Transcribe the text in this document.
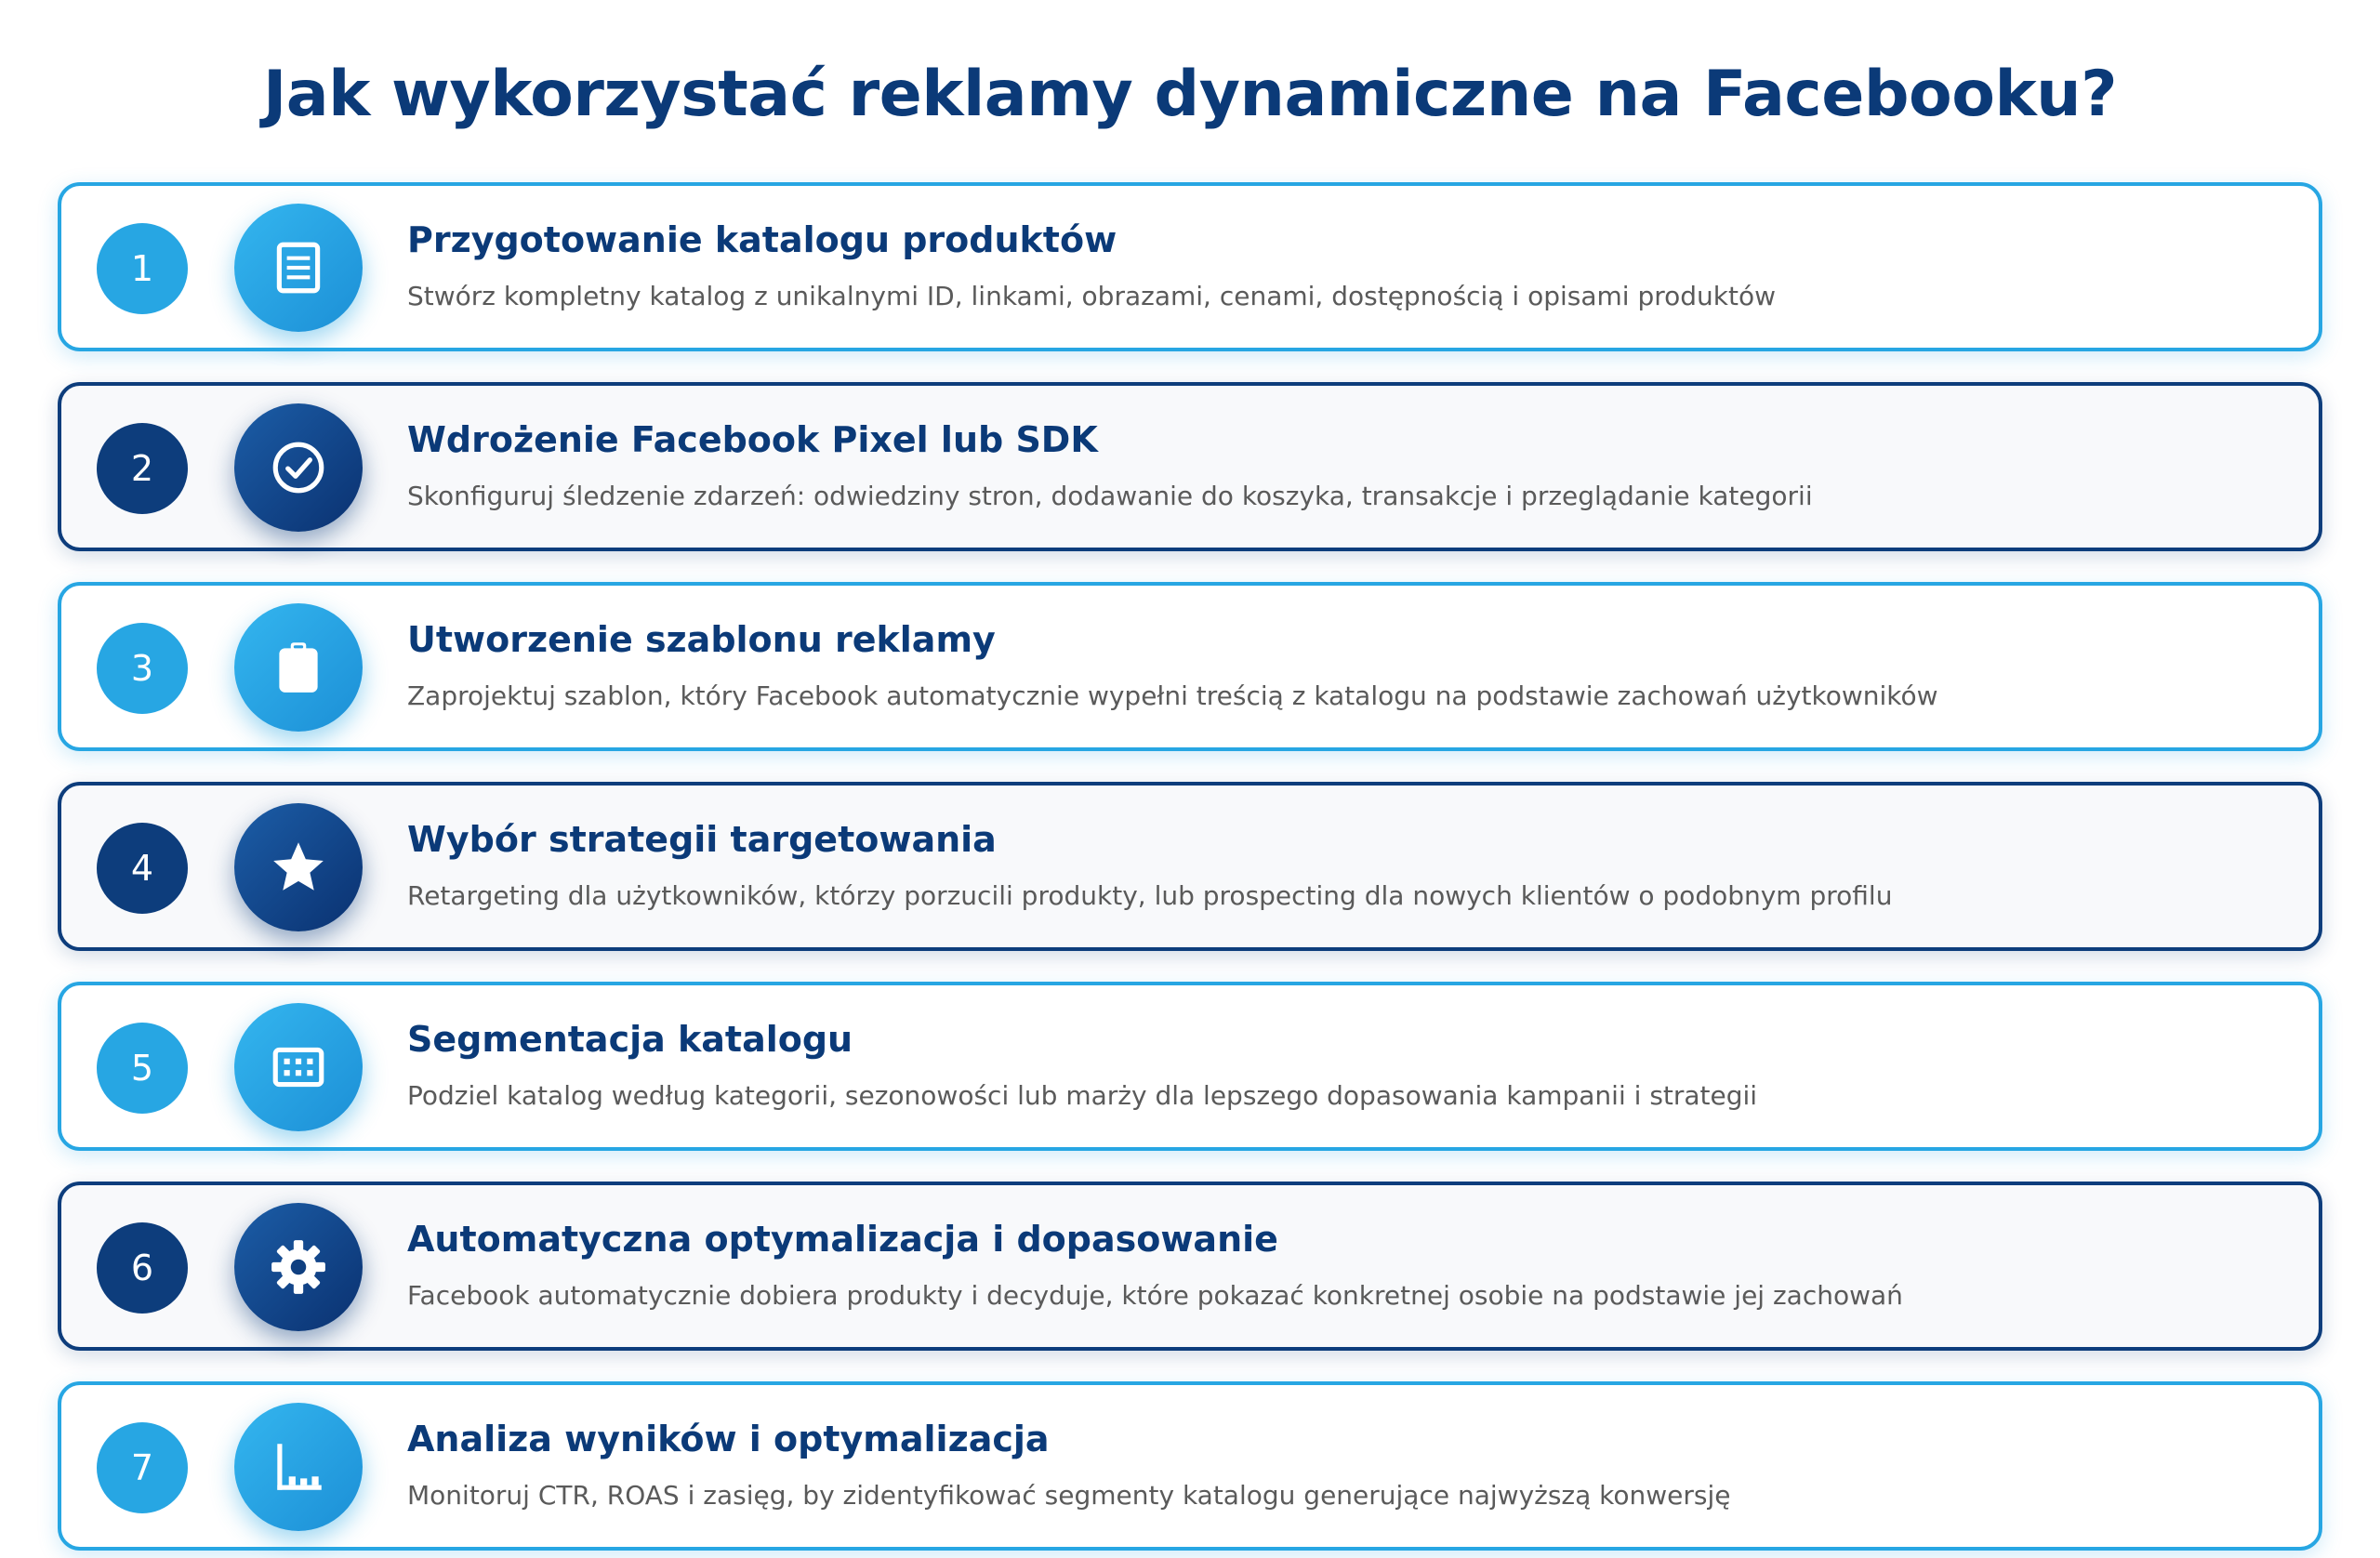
Jak wykorzystać reklamy dynamiczne na Facebooku?
1
Przygotowanie katalogu produktów
Stwórz kompletny katalog z unikalnymi ID, linkami, obrazami, cenami, dostępnością i opisami produktów
2
Wdrożenie Facebook Pixel lub SDK
Skonfiguruj śledzenie zdarzeń: odwiedziny stron, dodawanie do koszyka, transakcje i przeglądanie kategorii
3
Utworzenie szablonu reklamy
Zaprojektuj szablon, który Facebook automatycznie wypełni treścią z katalogu na podstawie zachowań użytkowników
4
Wybór strategii targetowania
Retargeting dla użytkowników, którzy porzucili produkty, lub prospecting dla nowych klientów o podobnym profilu
5
Segmentacja katalogu
Podziel katalog według kategorii, sezonowości lub marży dla lepszego dopasowania kampanii i strategii
6
Automatyczna optymalizacja i dopasowanie
Facebook automatycznie dobiera produkty i decyduje, które pokazać konkretnej osobie na podstawie jej zachowań
7
Analiza wyników i optymalizacja
Monitoruj CTR, ROAS i zasięg, by zidentyfikować segmenty katalogu generujące najwyższą konwersję
